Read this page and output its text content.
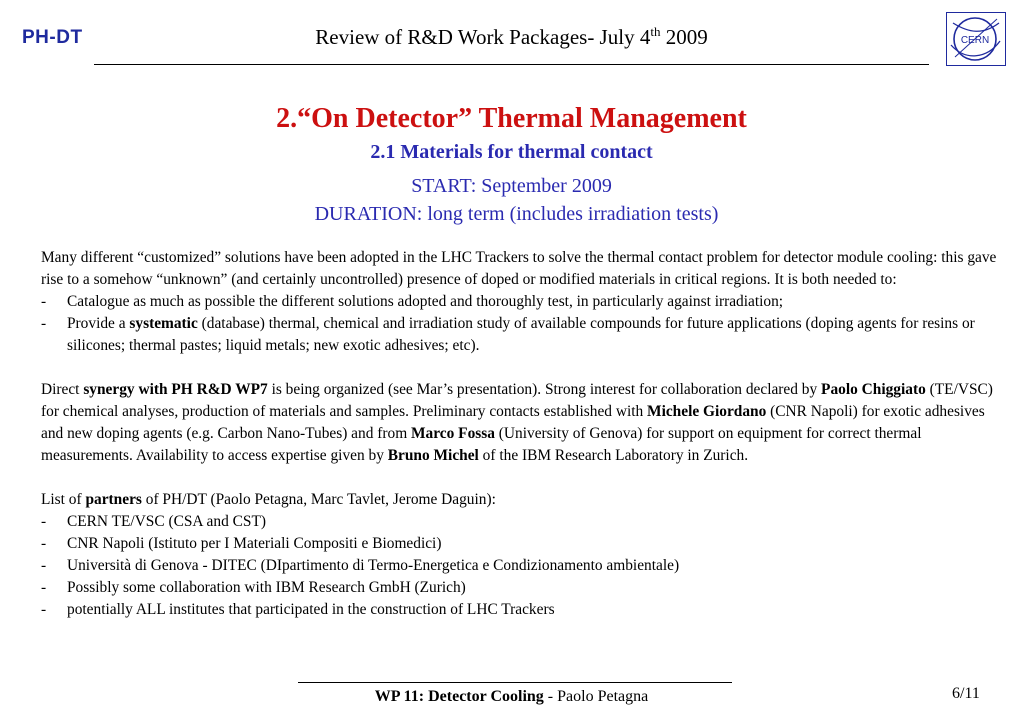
PH-DT	Review of R&D Work Packages- July 4th 2009	CERN
2.“On Detector” Thermal Management
2.1 Materials for thermal contact
START: September 2009
DURATION: long term (includes irradiation tests)

Many different “customized” solutions have been adopted in the LHC Trackers to solve the thermal contact problem for detector module cooling: this gave rise to a somehow “unknown” (and certainly uncontrolled) presence of doped or modified materials in critical regions. It is both needed to:

- Catalogue as much as possible the different solutions adopted and thoroughly test, in particularly against irradiation;
- Provide a systematic (database) thermal, chemical and irradiation study of available compounds for future applications (doping agents for resins or silicones; thermal pastes; liquid metals; new exotic adhesives; etc).

Direct synergy with PH R&D WP7 is being organized (see Mar’s presentation). Strong interest for collaboration declared by Paolo Chiggiato (TE/VSC) for chemical analyses, production of materials and samples. Preliminary contacts established with Michele Giordano (CNR Napoli) for exotic adhesives and new doping agents (e.g. Carbon Nano-Tubes) and from Marco Fossa (University of Genova) for support on equipment for correct thermal measurements. Availability to access expertise given by Bruno Michel of the IBM Research Laboratory in Zurich.

List of partners of PH/DT (Paolo Petagna, Marc Tavlet, Jerome Daguin):

- CERN TE/VSC (CSA and CST)
- CNR Napoli (Istituto per I Materiali Compositi e Biomedici)
- Università di Genova - DITEC (DIpartimento di Termo-Energetica e Condizionamento ambientale)
- Possibly some collaboration with IBM Research GmbH (Zurich)
- potentially ALL institutes that participated in the construction of LHC Trackers
WP 11: Detector Cooling - Paolo Petagna	6/11
